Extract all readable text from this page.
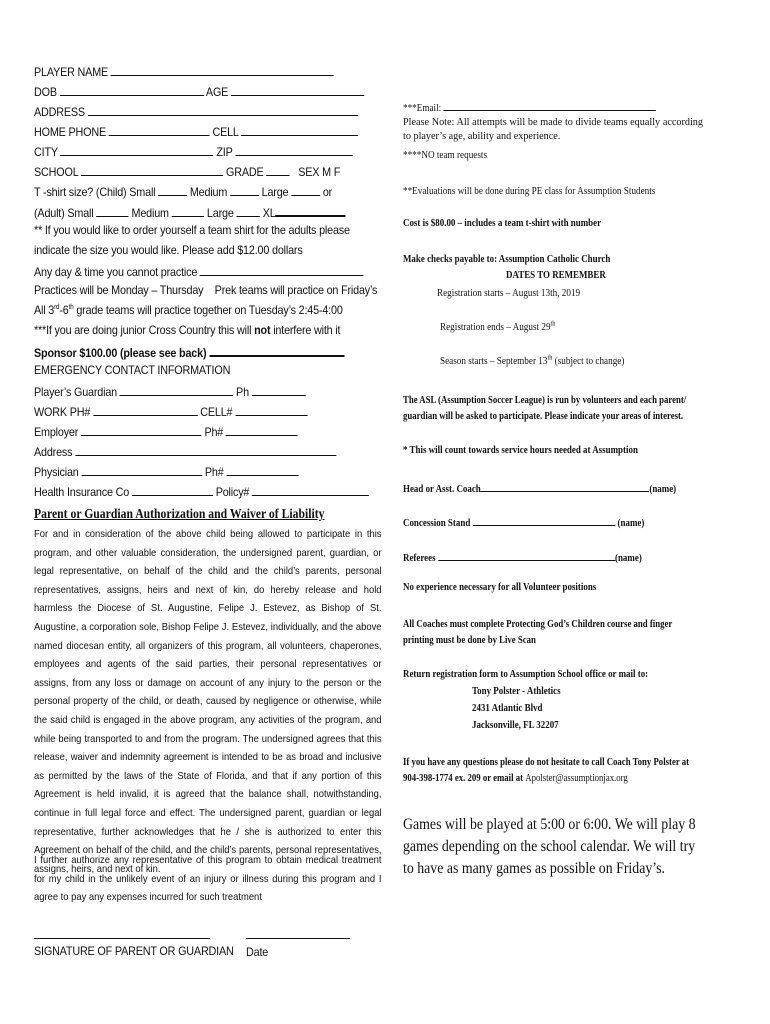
PLAYER NAME
DOB	AGE
ADDRESS
HOME PHONE	CELL
CITY	ZIP
SCHOOL	GRADE	SEX M F
T -shirt size? (Child) Small	Medium	Large	or
(Adult) Small	Medium	Large XL
** If you would like to order yourself a team shirt for the adults please
indicate the size you would like. Please add $12.00 dollars
Any day & time you cannot practice
Practices will be Monday – Thursday Prek teams will practice on Friday’s
All 3rd-6th grade teams will practice together on Tuesday’s 2:45-4:00
***If you are doing junior Cross Country this will not interfere with it
Sponsor $100.00 (please see back)
EMERGENCY CONTACT INFORMATION
Player’s Guardian	Ph
WORK PH#	CELL#
Employer	Ph#
Address
Physician	Ph#
Health Insurance Co	Policy#
Parent or Guardian Authorization and Waiver of Liability
For and in consideration of the above child being allowed to participate in this program, and other valuable consideration, the undersigned parent, guardian, or legal representative, on behalf of the child and the child’s parents, personal representatives, assigns, heirs and next of kin, do hereby release and hold harmless the Diocese of St. Augustine, Felipe J. Estevez, as Bishop of St. Augustine, a corporation sole, Bishop Felipe J. Estevez, individually, and the above named diocesan entity, all organizers of this program, all volunteers, chaperones, employees and agents of the said parties, their personal representatives or assigns, from any loss or damage on account of any injury to the person or the personal property of the child, or death, caused by negligence or otherwise, while the said child is engaged in the above program, any activities of the program, and while being transported to and from the program. The undersigned agrees that this release, waiver and indemnity agreement is intended to be as broad and inclusive as permitted by the laws of the State of Florida, and that if any portion of this Agreement is held invalid, it is agreed that the balance shall, notwithstanding, continue in full legal force and effect. The undersigned parent, guardian or legal representative, further acknowledges that he / she is authorized to enter this Agreement on behalf of the child, and the child’s parents, personal representatives, assigns, heirs, and next of kin.
I further authorize any representative of this program to obtain medical treatment for my child in the unlikely event of an injury or illness during this program and I agree to pay any expenses incurred for such treatment
SIGNATURE OF PARENT OR GUARDIAN Date
***Email:
Please Note: All attempts will be made to divide teams equally according to player’s age, ability and experience.
****NO team requests
**Evaluations will be done during PE class for Assumption Students
Cost is $80.00 – includes a team t-shirt with number
Make checks payable to: Assumption Catholic Church
DATES TO REMEMBER
Registration starts – August 13th, 2019
Registration ends – August 29th
Season starts – September 13th (subject to change)
The ASL (Assumption Soccer League) is run by volunteers and each parent/ guardian will be asked to participate. Please indicate your areas of interest.
* This will count towards service hours needed at Assumption
Head or Asst. Coach	(name)
Concession Stand	(name)
Referees	(name)
No experience necessary for all Volunteer positions
All Coaches must complete Protecting God’s Children course and finger printing must be done by Live Scan
Return registration form to Assumption School office or mail to:
Tony Polster - Athletics
2431 Atlantic Blvd
Jacksonville, FL 32207
If you have any questions please do not hesitate to call Coach Tony Polster at 904-398-1774 ex. 209 or email at Apolster@assumptionjax.org
Games will be played at 5:00 or 6:00. We will play 8 games depending on the school calendar. We will try to have as many games as possible on Friday’s.
